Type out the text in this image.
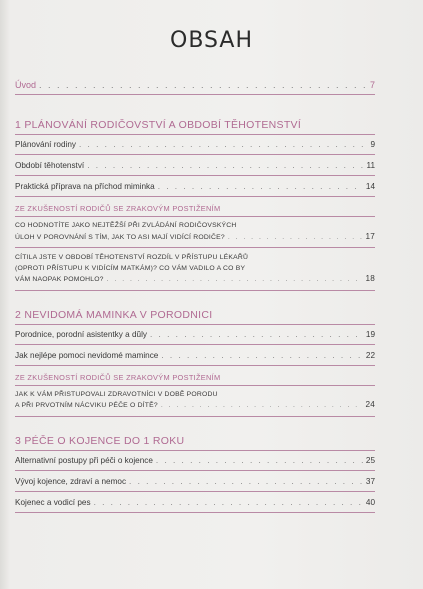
OBSAH
Úvod . . .	7
1 PLÁNOVÁNÍ RODIČOVSTVÍ A OBDOBÍ TĚHOTENSTVÍ
Plánování rodiny . . .	9
Období těhotenství . . .	11
Praktická příprava na příchod miminka . . .	14
ZE ZKUŠENOSTÍ RODIČŮ SE ZRAKOVÝM POSTIŽENÍM
CO HODNOTÍTE JAKO NEJTĚŽŠÍ PŘI ZVLÁDÁNÍ RODIČOVSKÝCH
ÚLOH V POROVNÁNÍ S TÍM, JAK TO ASI MAJÍ VIDÍCÍ RODIČE? . . .	17
CÍTILA JSTE V OBDOBÍ TĚHOTENSTVÍ ROZDÍL V PŘÍSTUPU LÉKAŘŮ
(OPROTI PŘÍSTUPU K VIDÍCÍM MATKÁM)? CO VÁM VADILO A CO BY
VÁM NAOPAK POMOHLO? . . .	18
2 NEVIDOMÁ MAMINKA V PORODNICI
Porodnice, porodní asistentky a dŭly . . .	19
Jak nejlépe pomoci nevidomé mamince . . .	22
ZE ZKUŠENOSTÍ RODIČŮ SE ZRAKOVÝM POSTIŽENÍM
JAK K VÁM PŘISTUPOVALI ZDRAVOTNÍCI V DOBĚ PORODU
A PŘI PRVOTNÍM NÁCVIKU PÉČE O DÍTĚ? . . .	24
3 PÉČE O KOJENCE DO 1 ROKU
Alternativní postupy při péči o kojence . . .	25
Vývoj kojence, zdraví a nemoc . . .	37
Kojenec a vodicí pes . . .	40
